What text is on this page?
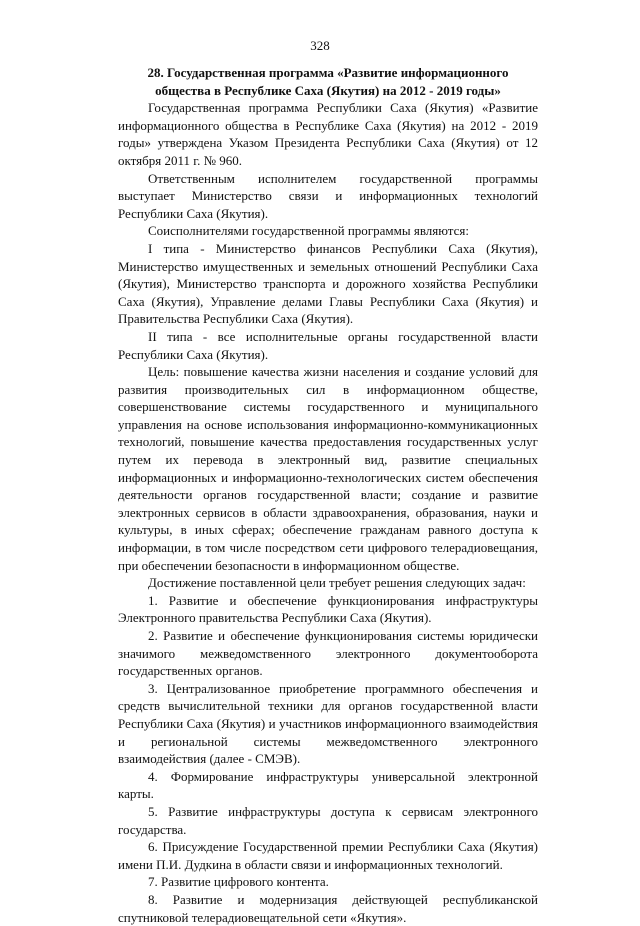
328
28. Государственная программа «Развитие информационного
общества в Республике Саха (Якутия) на 2012 - 2019 годы»

Государственная программа Республики Саха (Якутия) «Развитие информационного общества в Республике Саха (Якутия) на 2012 - 2019 годы» утверждена Указом Президента Республики Саха (Якутия) от 12 октября 2011 г. № 960.

Ответственным исполнителем государственной программы выступает Министерство связи и информационных технологий Республики Саха (Якутия).

Соисполнителями государственной программы являются:

I типа - Министерство финансов Республики Саха (Якутия), Министерство имущественных и земельных отношений Республики Саха (Якутия), Министерство транспорта и дорожного хозяйства Республики Саха (Якутия), Управление делами Главы Республики Саха (Якутия) и Правительства Республики Саха (Якутия).

II типа - все исполнительные органы государственной власти Республики Саха (Якутия).

Цель: повышение качества жизни населения и создание условий для развития производительных сил в информационном обществе, совершенствование системы государственного и муниципального управления на основе использования информационно-коммуникационных технологий, повышение качества предоставления государственных услуг путем их перевода в электронный вид, развитие специальных информационных и информационно-технологических систем обеспечения деятельности органов государственной власти; создание и развитие электронных сервисов в области здравоохранения, образования, науки и культуры, в иных сферах; обеспечение гражданам равного доступа к информации, в том числе посредством сети цифрового телерадиовещания, при обеспечении безопасности в информационном обществе.

Достижение поставленной цели требует решения следующих задач:

1. Развитие и обеспечение функционирования инфраструктуры Электронного правительства Республики Саха (Якутия).

2. Развитие и обеспечение функционирования системы юридически значимого межведомственного электронного документооборота государственных органов.

3. Централизованное приобретение программного обеспечения и средств вычислительной техники для органов государственной власти Республики Саха (Якутия) и участников информационного взаимодействия и региональной системы межведомственного электронного взаимодействия (далее - СМЭВ).

4. Формирование инфраструктуры универсальной электронной карты.

5. Развитие инфраструктуры доступа к сервисам электронного государства.

6. Присуждение Государственной премии Республики Саха (Якутия) имени П.И. Дудкина в области связи и информационных технологий.

7. Развитие цифрового контента.

8. Развитие и модернизация действующей республиканской спутниковой телерадиовещательной сети «Якутия».
